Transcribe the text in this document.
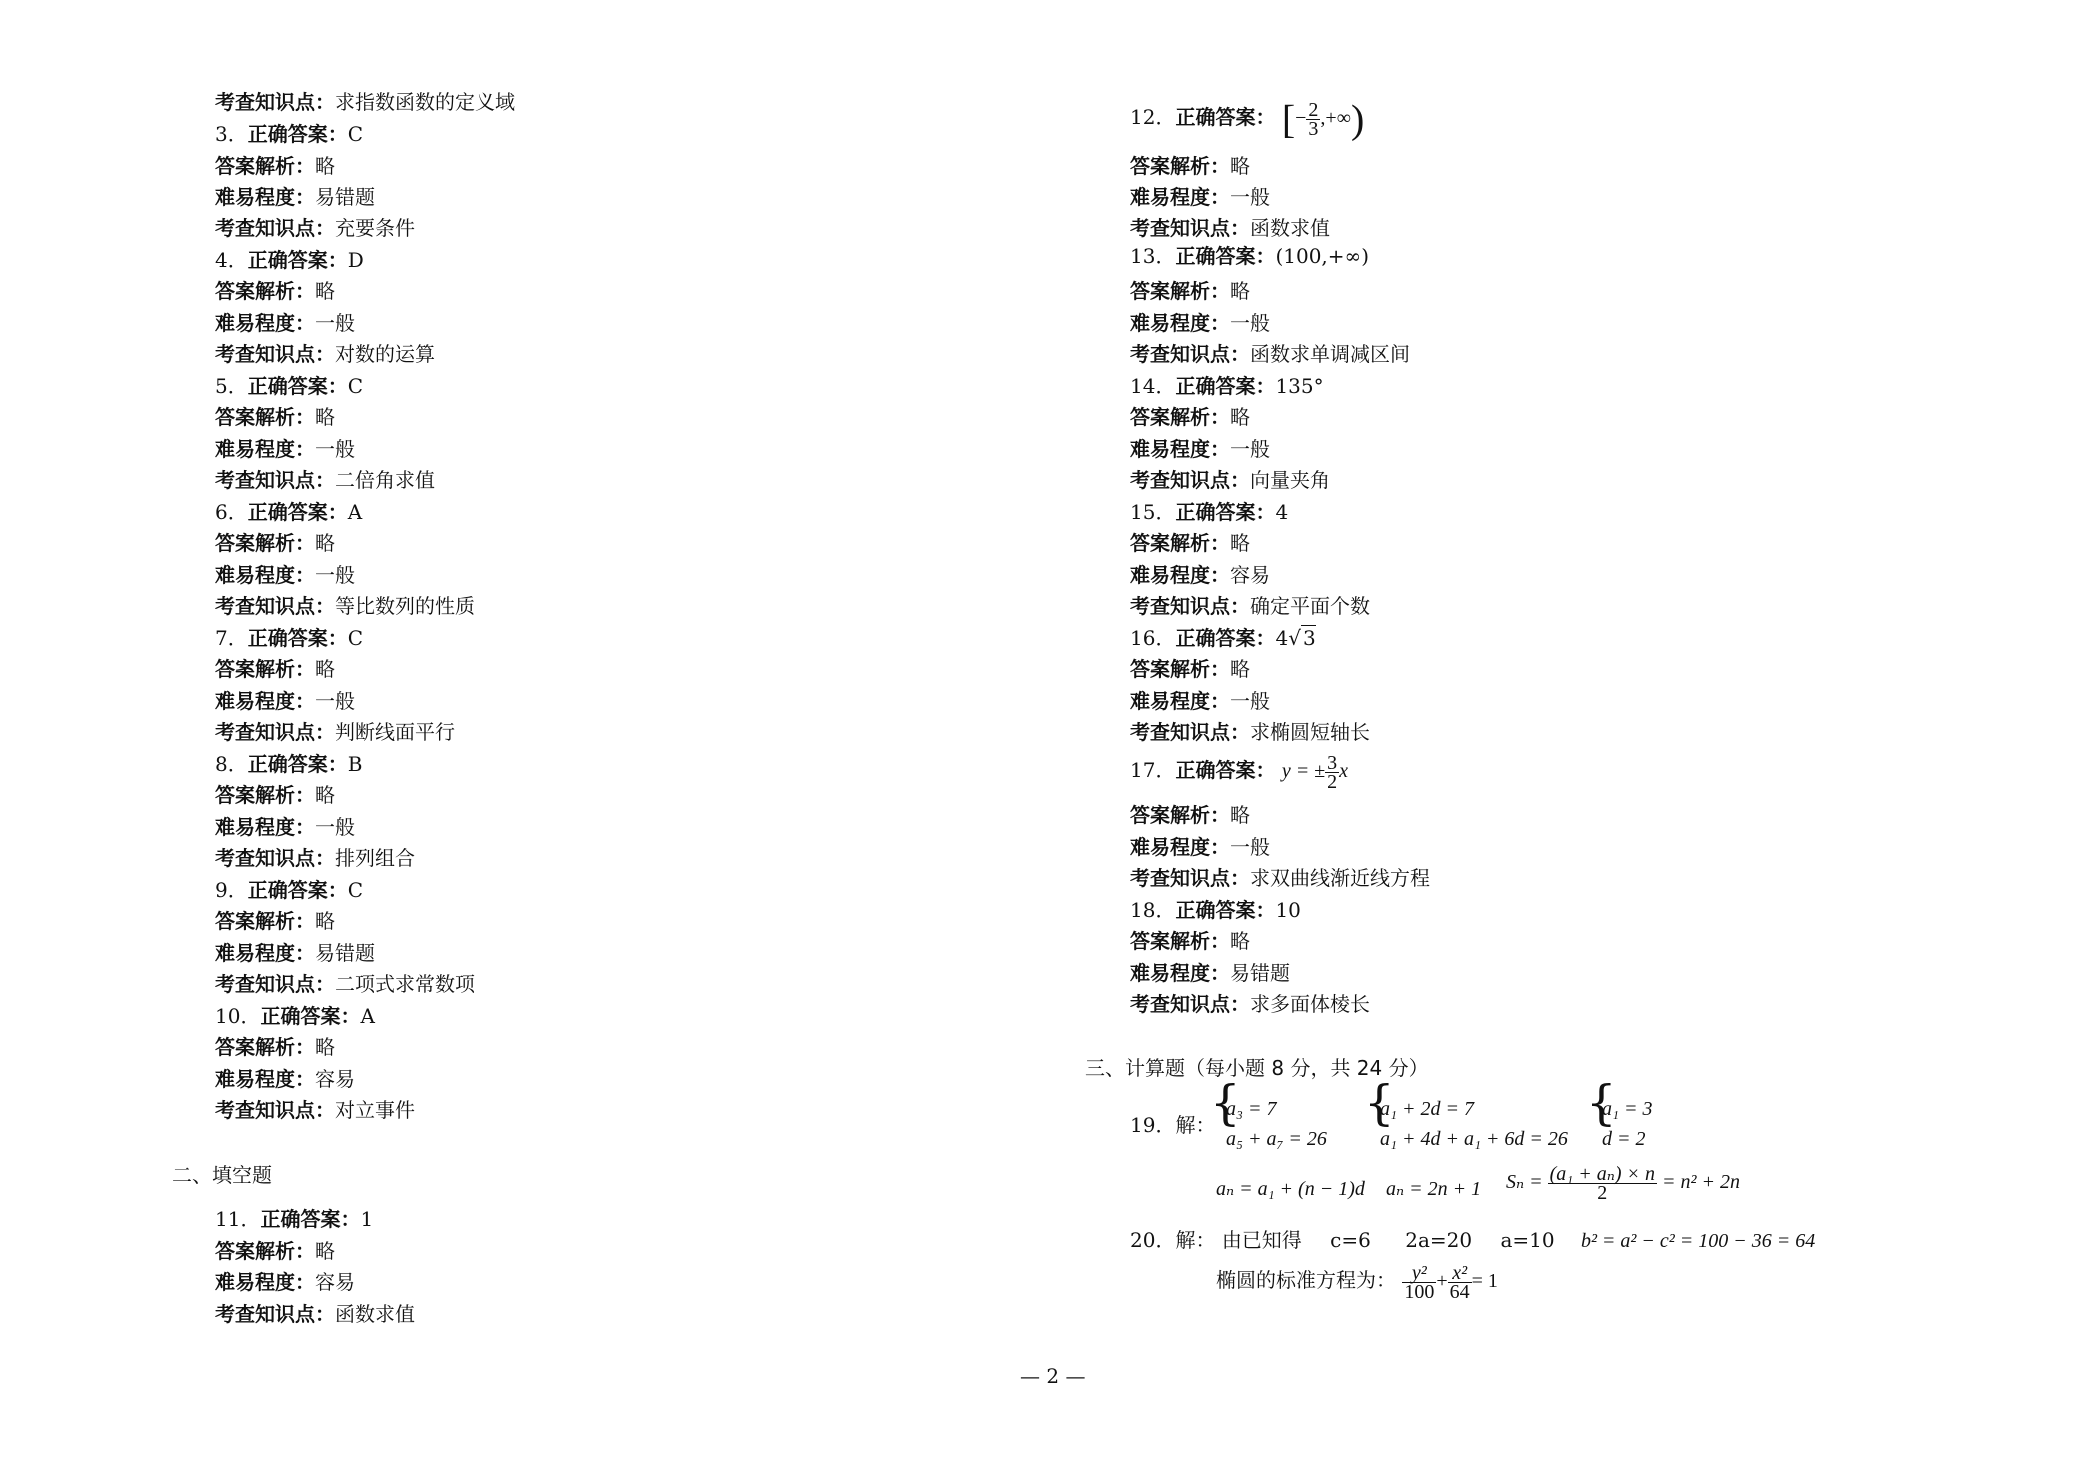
考查知识点：求指数函数的定义域
3．正确答案：C
答案解析：略
难易程度：易错题
考查知识点：充要条件
4．正确答案：D
答案解析：略
难易程度：一般
考查知识点：对数的运算
5．正确答案：C
答案解析：略
难易程度：一般
考查知识点：二倍角求值
6．正确答案：A
答案解析：略
难易程度：一般
考查知识点：等比数列的性质
7．正确答案：C
答案解析：略
难易程度：一般
考查知识点：判断线面平行
8．正确答案：B
答案解析：略
难易程度：一般
考查知识点：排列组合
9．正确答案：C
答案解析：略
难易程度：易错题
考查知识点：二项式求常数项
10．正确答案：A
答案解析：略
难易程度：容易
考查知识点：对立事件
11．正确答案：1
答案解析：略
难易程度：容易
考查知识点：函数求值
二、填空题
12．正确答案： [− $\frac{2}{3}$ ,+∞)
答案解析：略
难易程度：一般
考查知识点：函数求值
13．正确答案：(100,+∞)
答案解析：略
难易程度：一般
考查知识点：函数求单调减区间
14．正确答案：135°
答案解析：略
难易程度：一般
考查知识点：向量夹角
15．正确答案：4
答案解析：略
难易程度：容易
考查知识点：确定平面个数
16．正确答案：4√ 3
答案解析：略
难易程度：一般
考查知识点：求椭圆短轴长
17．正确答案： y = ± $\frac{3}{2}$ x
答案解析：略
难易程度：一般
考查知识点：求双曲线渐近线方程
18．正确答案：10
答案解析：略
难易程度：易错题
考查知识点：求多面体棱长
19．解：
{ a₃ = 7
a₅ + a₇ = 26
{ a₁ + 2d = 7
a₁ + 4d + a₁ + 6d = 26
{ a₁ = 3
d = 2
aₙ = a₁ + (n − 1)d aₙ = 2n + 1 $S_n = \frac{\text{(a₁ + aₙ) × n}}{2} = n^2 + 2n$
20．解： 由已知得 c=6 2a=20 a=10 b² = a² − c² = 100 − 36 = 64
椭圆的标准方程为： $\frac{\text{y²}}{100} + \frac{\text{x²}}{64} = 1$
三、计算题（每小题 8 分，共 24 分）
— 2 —
